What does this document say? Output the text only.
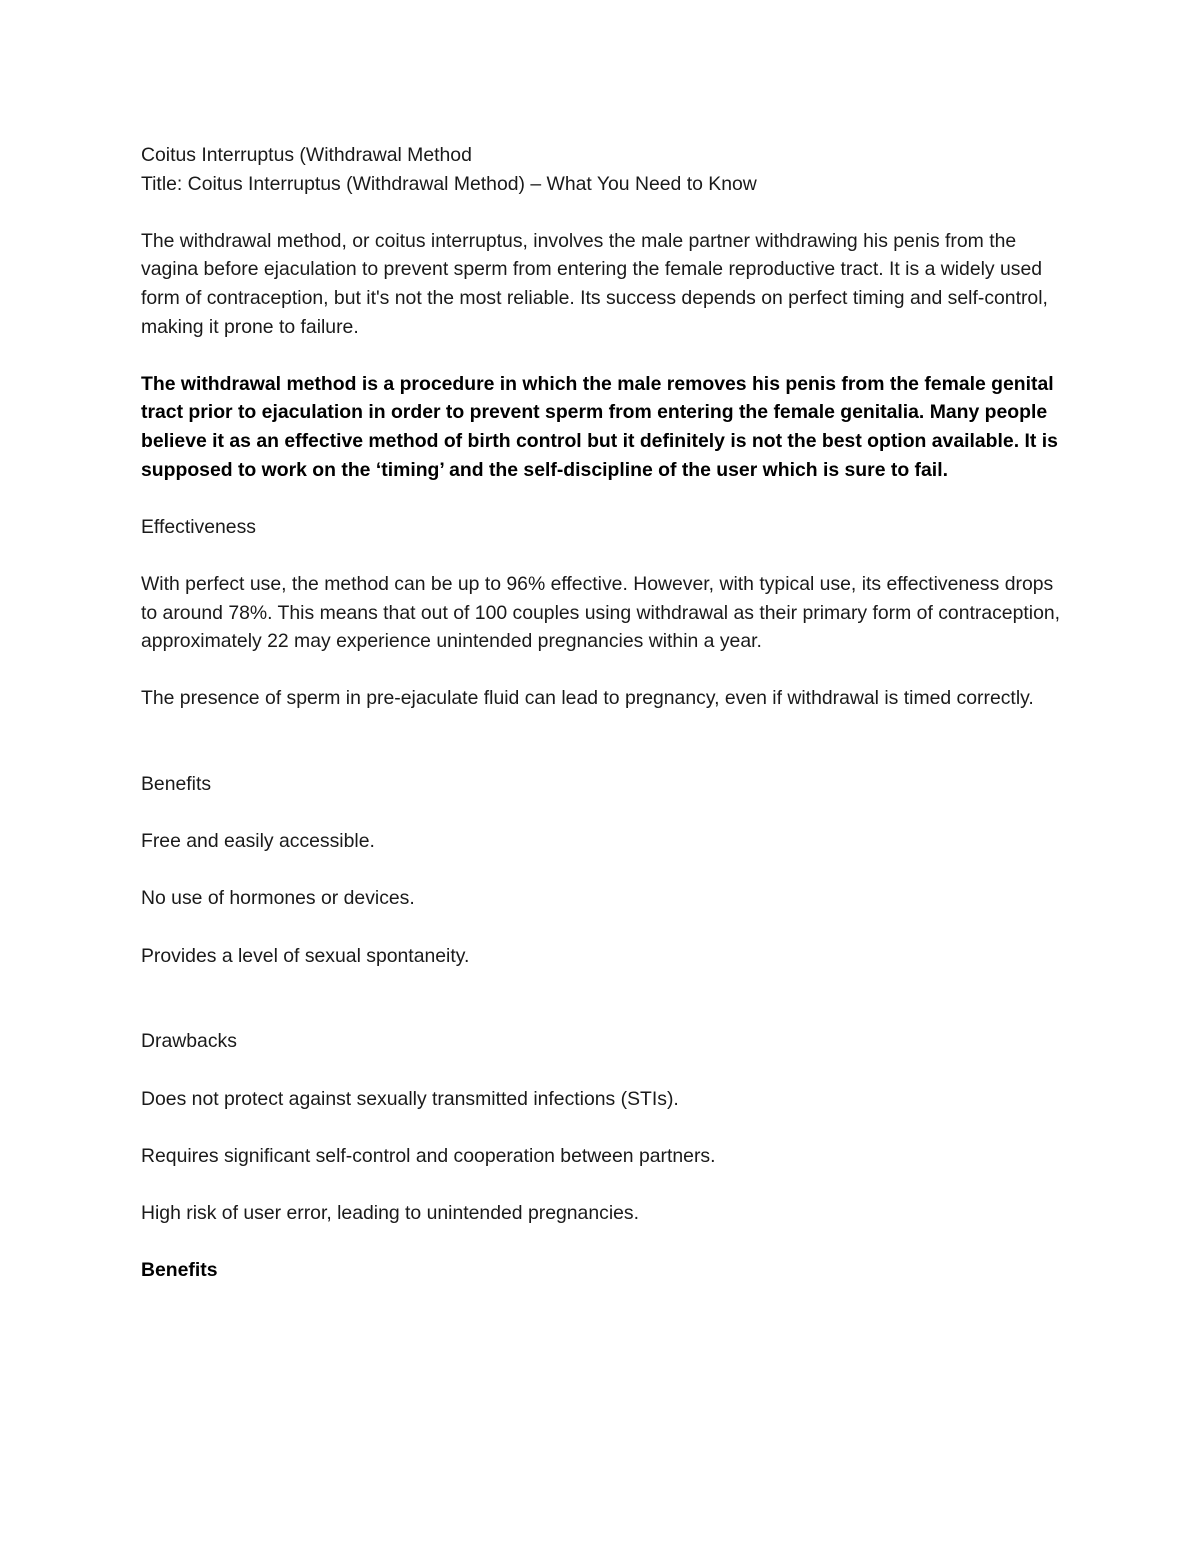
Coitus Interruptus (Withdrawal Method

Title: Coitus Interruptus (Withdrawal Method) – What You Need to Know

The withdrawal method, or coitus interruptus, involves the male partner withdrawing his penis from the vagina before ejaculation to prevent sperm from entering the female reproductive tract. It is a widely used form of contraception, but it's not the most reliable. Its success depends on perfect timing and self-control, making it prone to failure.

The withdrawal method is a procedure in which the male removes his penis from the female genital tract prior to ejaculation in order to prevent sperm from entering the female genitalia. Many people believe it as an effective method of birth control but it definitely is not the best option available. It is supposed to work on the ‘timing’ and the self-discipline of the user which is sure to fail.

Effectiveness

With perfect use, the method can be up to 96% effective. However, with typical use, its effectiveness drops to around 78%. This means that out of 100 couples using withdrawal as their primary form of contraception, approximately 22 may experience unintended pregnancies within a year.

The presence of sperm in pre-ejaculate fluid can lead to pregnancy, even if withdrawal is timed correctly.

Benefits

Free and easily accessible.

No use of hormones or devices.

Provides a level of sexual spontaneity.

Drawbacks

Does not protect against sexually transmitted infections (STIs).

Requires significant self-control and cooperation between partners.

High risk of user error, leading to unintended pregnancies.

Benefits
